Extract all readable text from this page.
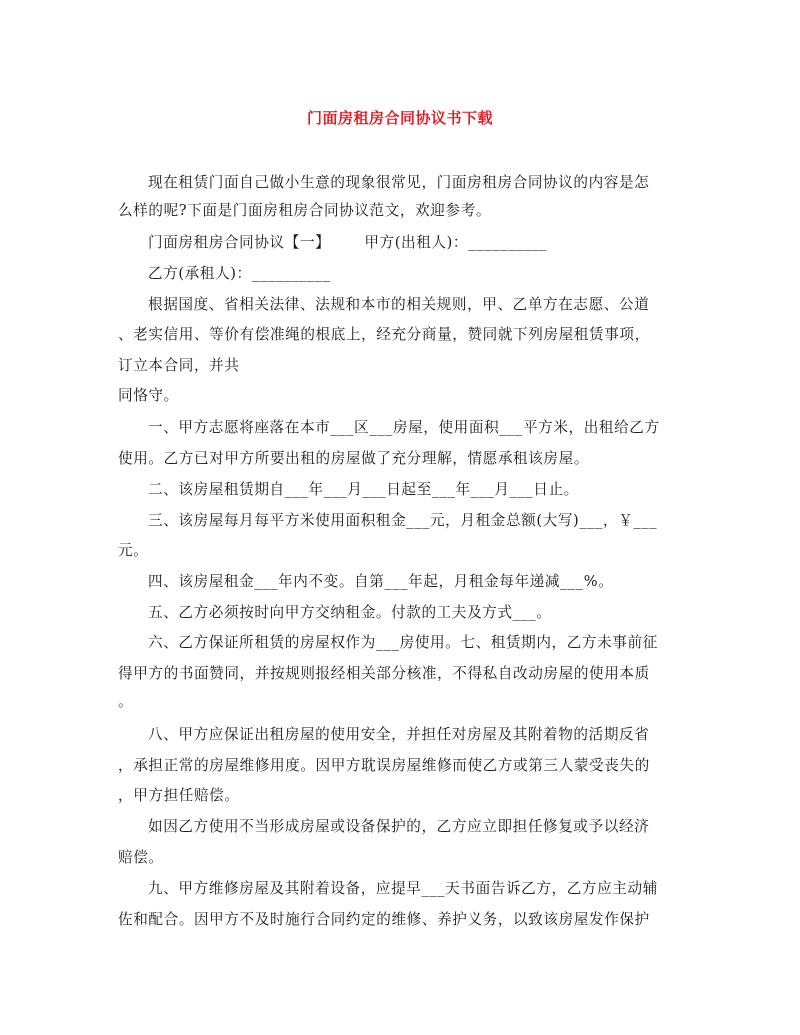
门面房租房合同协议书下载
现在租赁门面自己做小生意的现象很常见，门面房租房合同协议的内容是怎
么样的呢?下面是门面房租房合同协议范文，欢迎参考。
门面房租房合同协议【一】 甲方(出租人)：__________
乙方(承租人)：__________
根据国度、省相关法律、法规和本市的相关规则，甲、乙单方在志愿、公道
、老实信用、等价有偿准绳的根底上，经充分商量，赞同就下列房屋租赁事项，
订立本合同，并共
同恪守。
一、甲方志愿将座落在本市___区___房屋，使用面积___平方米，出租给乙方
使用。乙方已对甲方所要出租的房屋做了充分理解，情愿承租该房屋。
二、该房屋租赁期自___年___月___日起至___年___月___日止。
三、该房屋每月每平方米使用面积租金___元，月租金总额(大写)___，￥___
元。
四、该房屋租金___年内不变。自第___年起，月租金每年递减___%。
五、乙方必须按时向甲方交纳租金。付款的工夫及方式___。
六、乙方保证所租赁的房屋权作为___房使用。七、租赁期内，乙方未事前征
得甲方的书面赞同，并按规则报经相关部分核准，不得私自改动房屋的使用本质
。
八、甲方应保证出租房屋的使用安全，并担任对房屋及其附着物的活期反省
，承担正常的房屋维修用度。因甲方耽误房屋维修而使乙方或第三人蒙受丧失的
，甲方担任赔偿。
如因乙方使用不当形成房屋或设备保护的，乙方应立即担任修复或予以经济
赔偿。
九、甲方维修房屋及其附着设备，应提早___天书面告诉乙方，乙方应主动辅
佐和配合。因甲方不及时施行合同约定的维修、养护义务，以致该房屋发作保护
